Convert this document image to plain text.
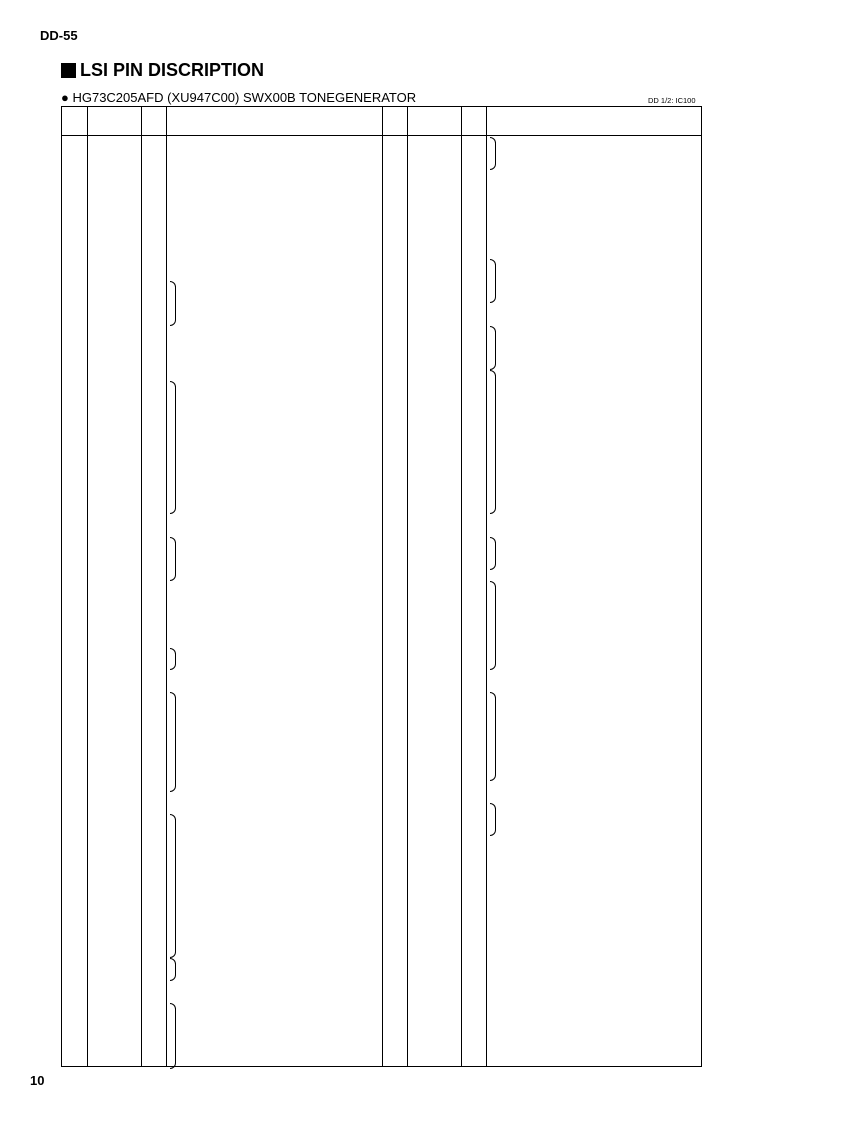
DD-55
LSI PIN DISCRIPTION
● HG73C205AFD (XU947C00) SWX00B TONEGENERATOR	DD 1/2: IC100
10
